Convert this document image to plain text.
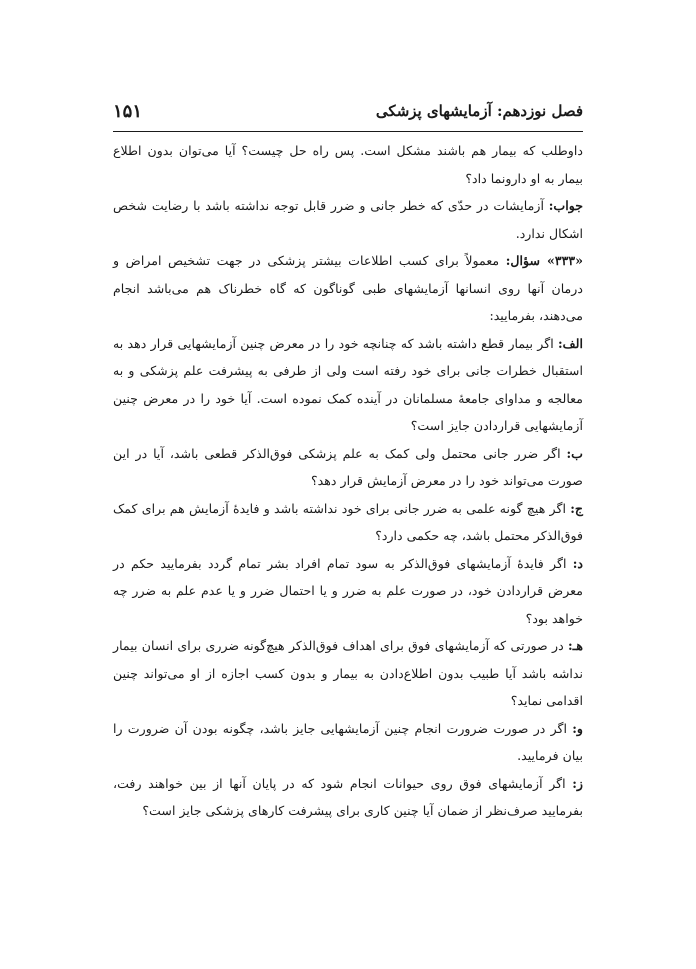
۱۵۱	فصل نوزدهم: آزمایشهای پزشکی

داوطلب که بیمار هم باشند مشکل است. پس راه حل چیست؟ آیا می‌توان بدون اطلاع بیمار به او دارونما داد؟

جواب: آزمایشات در حدّی که خطر جانی و ضرر قابل توجه نداشته باشد با رضایت شخص اشکال ندارد.

«۳۳۳» سؤال: معمولاً برای کسب اطلاعات بیشتر پزشکی در جهت تشخیص امراض و درمان آنها روی انسانها آزمایشهای طبی گوناگون که گاه خطرناک هم می‌باشد انجام می‌دهند، بفرمایید:

الف: اگر بیمار قطع داشته باشد که چنانچه خود را در معرض چنین آزمایشهایی قرار دهد به استقبال خطرات جانی برای خود رفته است ولی از طرفی به پیشرفت علم پزشکی و به معالجه و مداوای جامعهٔ مسلمانان در آینده کمک نموده است. آیا خود را در معرض چنین آزمایشهایی قراردادن جایز است؟

ب: اگر ضرر جانی محتمل ولی کمک به علم پزشکی فوق‌الذکر قطعی باشد، آیا در این صورت می‌تواند خود را در معرض آزمایش قرار دهد؟

ج: اگر هیچ گونه علمی به ضرر جانی برای خود نداشته باشد و فایدهٔ آزمایش هم برای کمک فوق‌الذکر محتمل باشد، چه حکمی دارد؟

د: اگر فایدهٔ آزمایشهای فوق‌الذکر به سود تمام افراد بشر تمام گردد بفرمایید حکم در معرض قراردادن خود، در صورت علم به ضرر و یا احتمال ضرر و یا عدم علم به ضرر چه خواهد بود؟

هـ: در صورتی که آزمایشهای فوق برای اهداف فوق‌الذکر هیچ‌گونه ضرری برای انسان بیمار نداشه باشد آیا طبیب بدون اطلاع‌دادن به بیمار و بدون کسب اجازه از او می‌تواند چنین اقدامی نماید؟

و: اگر در صورت ضرورت انجام چنین آزمایشهایی جایز باشد، چگونه بودن آن ضرورت را بیان فرمایید.

ز: اگر آزمایشهای فوق روی حیوانات انجام شود که در پایان آنها از بین خواهند رفت، بفرمایید صرف‌نظر از ضمان آیا چنین کاری برای پیشرفت کارهای پزشکی جایز است؟
